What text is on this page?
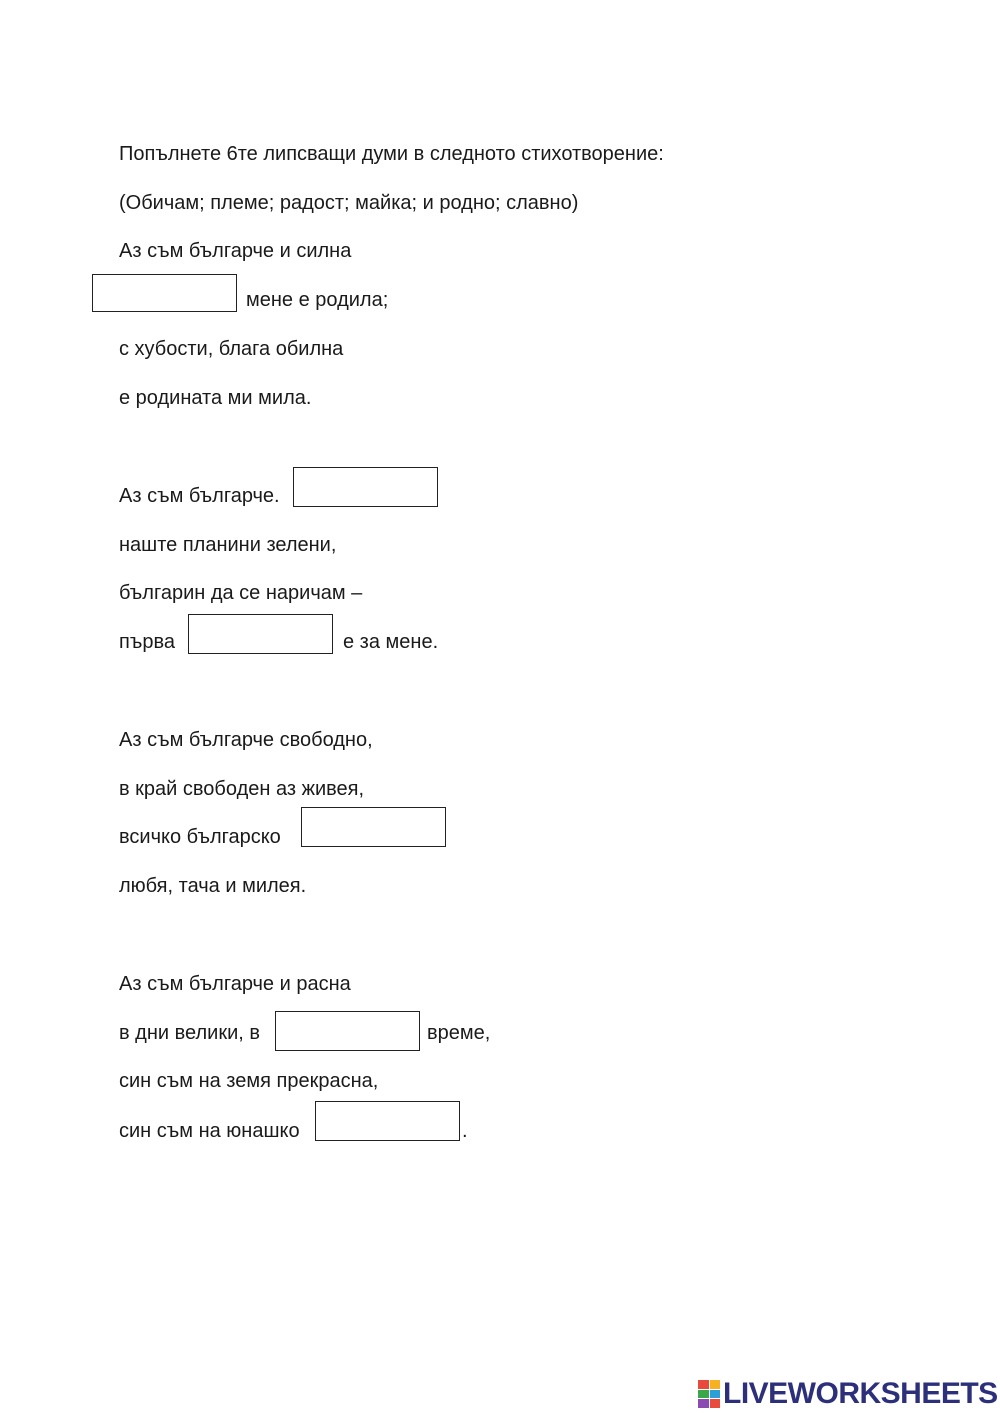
Попълнете 6те липсващи думи в следното стихотворение:
(Обичам; племе; радост; майка; и родно; славно)
Аз съм българче и силна
мене е родила;
с хубости, блага обилна
е родината ми мила.
Аз съм българче.
наште планини зелени,
българин да се наричам –
първа	е за мене.
Аз съм българче свободно,
в край свободен аз живея,
всичко българско
любя, тача и милея.
Аз съм българче и расна
в дни велики, в	време,
син съм на земя прекрасна,
син съм на юнашко	.
LIVEWORKSHEETS
